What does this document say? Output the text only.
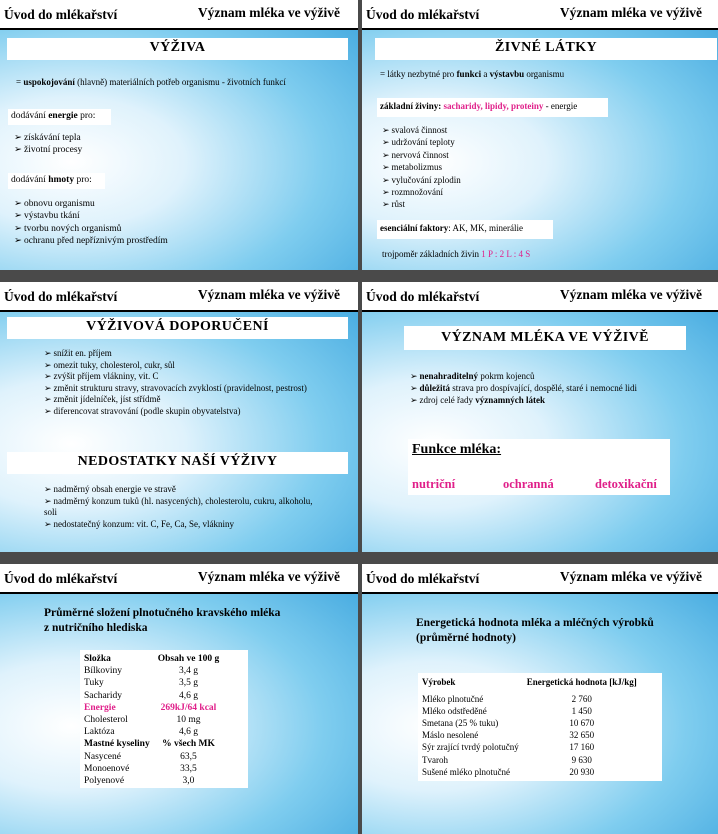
Úvod do mlékařství	Význam mléka ve výživě
VÝŽIVA
= uspokojování (hlavně) materiálních potřeb organismu - životních funkcí
dodávání energie pro:
➢ získávání tepla
➢ životní procesy
dodávání hmoty pro:
➢ obnovu organismu
➢ výstavbu tkání
➢ tvorbu nových organismů
➢ ochranu před nepříznivým prostředím
Úvod do mlékařství	Význam mléka ve výživě
ŽIVNÉ LÁTKY
= látky nezbytné pro funkci a výstavbu organismu
základní živiny: sacharidy, lipidy, proteiny - energie
➢ svalová činnost
➢ udržování teploty
➢ nervová činnost
➢ metabolizmus
➢ vylučování zplodin
➢ rozmnožování
➢ růst
esenciální faktory: AK, MK, minerálie
trojpoměr základních živin 1 P : 2 L : 4 S
Úvod do mlékařství	Význam mléka ve výživě
VÝŽIVOVÁ DOPORUČENÍ
➢ snížit en. příjem
➢ omezit tuky, cholesterol, cukr, sůl
➢ zvýšit příjem vlákniny, vit. C
➢ změnit strukturu stravy, stravovacích zvyklostí (pravidelnost, pestrost)
➢ změnit jídelníček, jíst střídmě
➢ diferencovat stravování (podle skupin obyvatelstva)
NEDOSTATKY NAŠÍ VÝŽIVY
➢ nadměrný obsah energie ve stravě
➢ nadměrný konzum tuků (hl. nasycených), cholesterolu, cukru, alkoholu, soli
➢ nedostatečný konzum: vit. C, Fe, Ca, Se, vlákniny
Úvod do mlékařství	Význam mléka ve výživě
VÝZNAM MLÉKA VE VÝŽIVĚ
➢ nenahraditelný pokrm kojenců
➢ důležitá strava pro dospívající, dospělé, staré i nemocné lidi
➢ zdroj celé řady významných látek
Funkce mléka:
nutriční	ochranná	detoxikační
Úvod do mlékařství	Význam mléka ve výživě
Průměrné složení plnotučného kravského mléka
z nutričního hlediska
Složka	Obsah ve 100 g
Bílkoviny	3,4 g
Tuky	3,5 g
Sacharidy	4,6 g
Energie	269kJ/64 kcal
Cholesterol	10 mg
Laktóza	4,6 g
Mastné kyseliny	% všech MK
Nasycené	63,5
Monoenové	33,5
Polyenové	3,0
Úvod do mlékařství	Význam mléka ve výživě
Energetická hodnota mléka a mléčných výrobků
(průměrné hodnoty)
Výrobek	Energetická hodnota [kJ/kg]
Mléko plnotučné	2 760
Mléko odstředěné	1 450
Smetana (25 % tuku)	10 670
Máslo nesolené	32 650
Sýr zrající tvrdý polotučný	17 160
Tvaroh	9 630
Sušené mléko plnotučné	20 930
